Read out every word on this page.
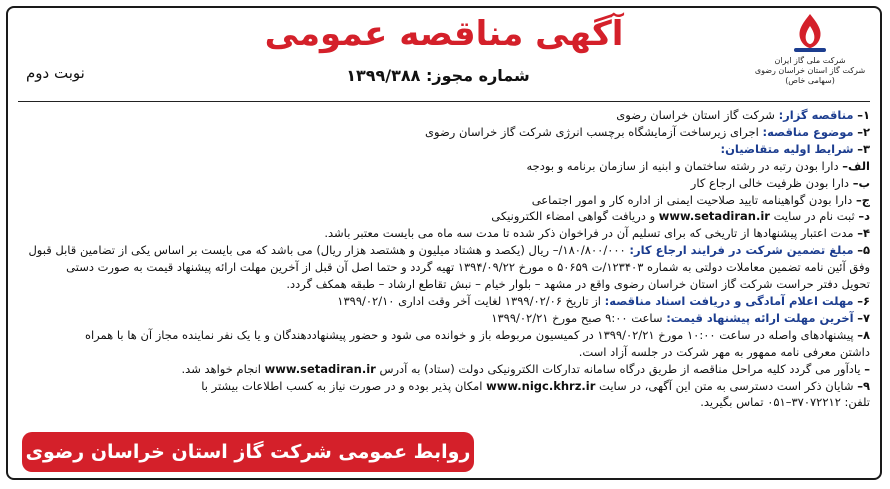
آگهی مناقصه عمومی
شماره مجوز: ۱۳۹۹/۳۸۸
نوبت دوم
شرکت ملی گاز ایران
شرکت گاز استان خراسان رضوی
(سهامی خاص)
۱– مناقصه گزار: شرکت گاز استان خراسان رضوی
۲– موضوع مناقصه: اجرای زیرساخت آزمایشگاه برچسب انرژی شرکت گاز خراسان رضوی
۳– شرایط اولیه متقاضیان:
الف– دارا بودن رتبه در رشته ساختمان و ابنیه از سازمان برنامه و بودجه
ب– دارا بودن ظرفیت خالی ارجاع کار
ج– دارا بودن گواهینامه تایید صلاحیت ایمنی از اداره کار و امور اجتماعی
د– ثبت نام در سایت www.setadiran.ir و دریافت گواهی امضاء الکترونیکی
۴– مدت اعتبار پیشنهادها از تاریخی که برای تسلیم آن در فراخوان ذکر شده تا مدت سه ماه می بایست معتبر باشد.
۵– مبلغ تضمین شرکت در فرایند ارجاع کار: ۱۸۰/۸۰۰/۰۰۰/– ریال (یکصد و هشتاد میلیون و هشتصد هزار ریال) می باشد که می بایست بر اساس یکی از تضامین قابل قبول
وفق آئین نامه تضمین معاملات دولتی به شماره ۱۲۳۴۰۳/ت ۵۰۶۵۹ ه مورخ ۱۳۹۴/۰۹/۲۲ تهیه گردد و حتما اصل آن قبل از آخرین مهلت ارائه پیشنهاد قیمت به صورت دستی
تحویل دفتر حراست شرکت گاز استان خراسان رضوی واقع در مشهد – بلوار خیام – نبش تقاطع ارشاد – طبقه همکف گردد.
۶– مهلت اعلام آمادگی و دریافت اسناد مناقصه: از تاریخ ۱۳۹۹/۰۲/۰۶ لغایت آخر وقت اداری ۱۳۹۹/۰۲/۱۰
۷– آخرین مهلت ارائه پیشنهاد قیمت: ساعت ۹:۰۰ صبح مورخ ۱۳۹۹/۰۲/۲۱
۸– پیشنهادهای واصله در ساعت ۱۰:۰۰ مورخ ۱۳۹۹/۰۲/۲۱ در کمیسیون مربوطه باز و خوانده می شود و حضور پیشنهاددهندگان و یا یک نفر نماینده مجاز آن ها با همراه
داشتن معرفی نامه ممهور به مهر شرکت در جلسه آزاد است.
– یادآور می گردد کلیه مراحل مناقصه از طریق درگاه سامانه تدارکات الکترونیکی دولت (ستاد) به آدرس www.setadiran.ir انجام خواهد شد.
۹– شایان ذکر است دسترسی به متن این آگهی، در سایت www.nigc.khrz.ir امکان پذیر بوده و در صورت نیاز به کسب اطلاعات بیشتر با
تلفن: ۳۷۰۷۲۲۱۲–۰۵۱ تماس بگیرید.
روابط عمومی شرکت گاز استان خراسان رضوی
